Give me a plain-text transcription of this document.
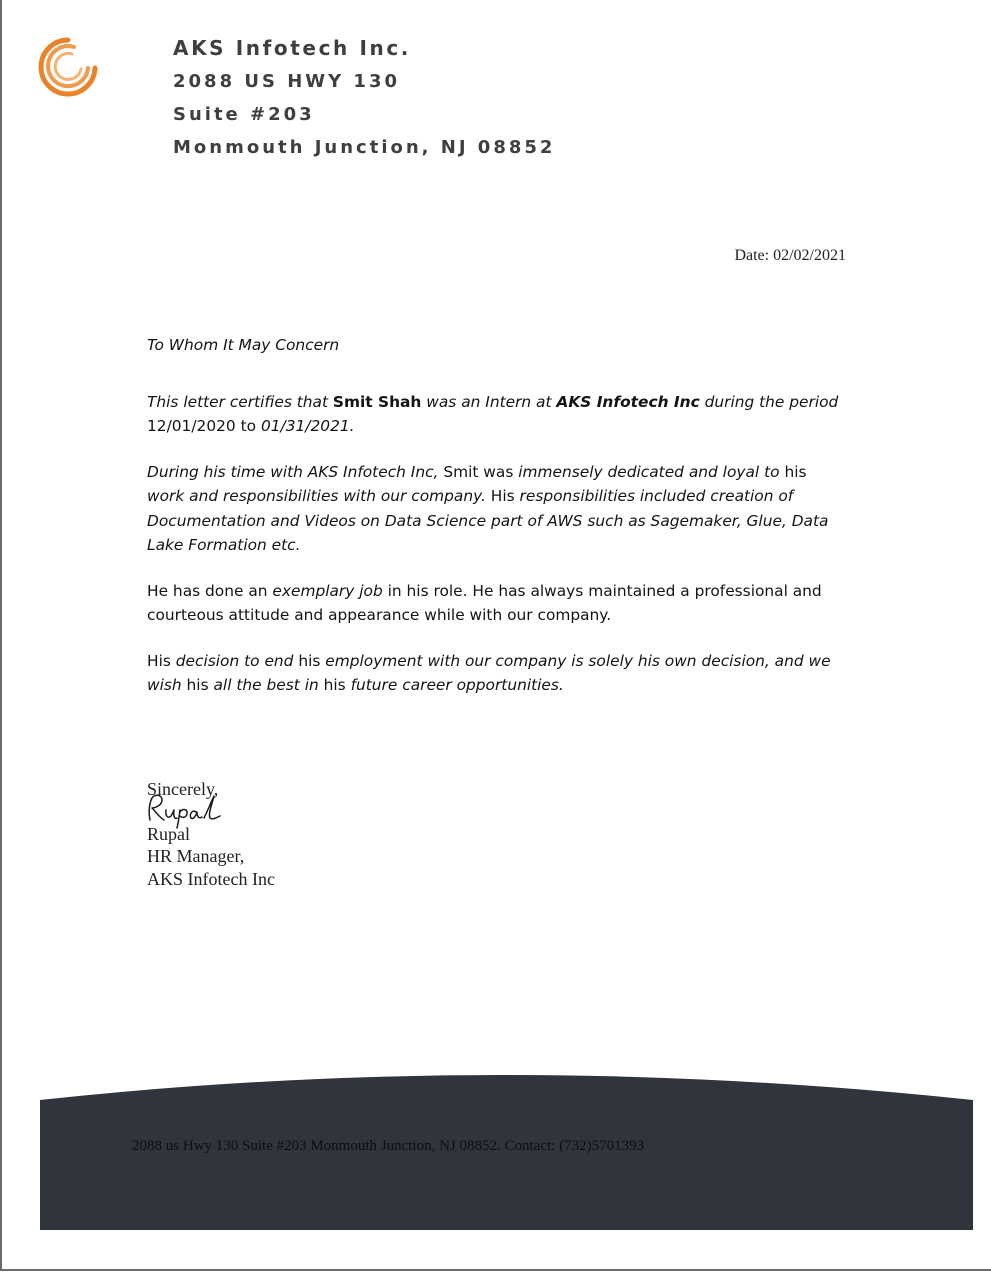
AKS Infotech Inc.
2088 US HWY 130
Suite #203
Monmouth Junction, NJ 08852
Date: 02/02/2021

To Whom It May Concern

This letter certifies that Smit Shah was an Intern at AKS Infotech Inc during the period
12/01/2020 to 01/31/2021.

During his time with AKS Infotech Inc, Smit was immensely dedicated and loyal to his work and responsibilities with our company. His responsibilities included creation of Documentation and Videos on Data Science part of AWS such as Sagemaker, Glue, Data Lake Formation etc.

He has done an exemplary job in his role. He has always maintained a professional and courteous attitude and appearance while with our company.

His decision to end his employment with our company is solely his own decision, and we wish his all the best in his future career opportunities.

Sincerely,
Rupal
HR Manager,
AKS Infotech Inc
2088 us Hwy 130 Suite #203 Monmouth Junction, NJ 08852. Contact: (732)5701393
